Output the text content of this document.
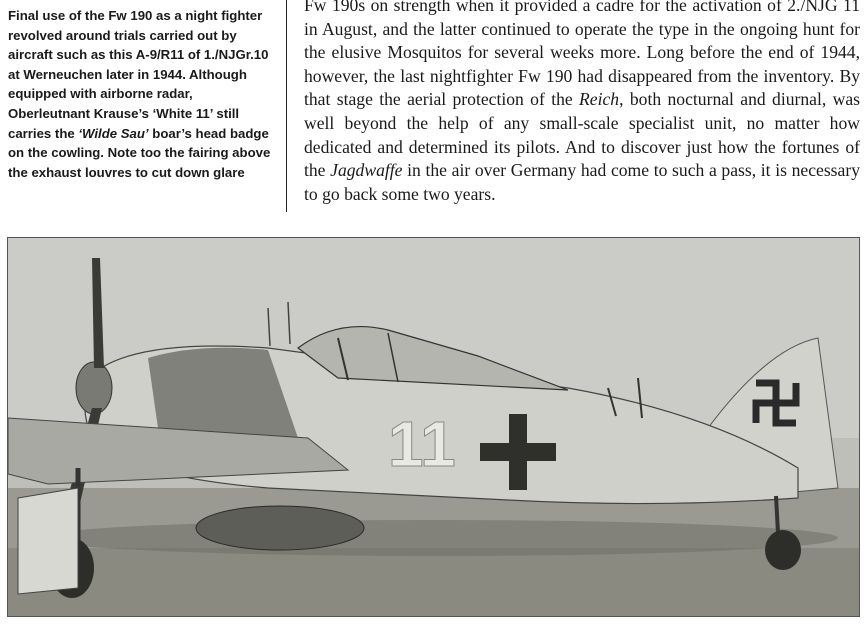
Final use of the Fw 190 as a night fighter revolved around trials carried out by aircraft such as this A-9/R11 of 1./NJGr.10 at Werneuchen later in 1944. Although equipped with airborne radar, Oberleutnant Krause’s ‘White 11’ still carries the ‘Wilde Sau’ boar’s head badge on the cowling. Note too the fairing above the exhaust louvres to cut down glare

Fw 190s on strength when it provided a cadre for the activation of 2./NJG 11 in August, and the latter continued to operate the type in the ongoing hunt for the elusive Mosquitos for several weeks more. Long before the end of 1944, however, the last nightfighter Fw 190 had disappeared from the inventory. By that stage the aerial protection of the Reich, both nocturnal and diurnal, was well beyond the help of any small-scale specialist unit, no matter how dedicated and determined its pilots. And to discover just how the fortunes of the Jagdwaffe in the air over Germany had come to such a pass, it is necessary to go back some two years.

11
